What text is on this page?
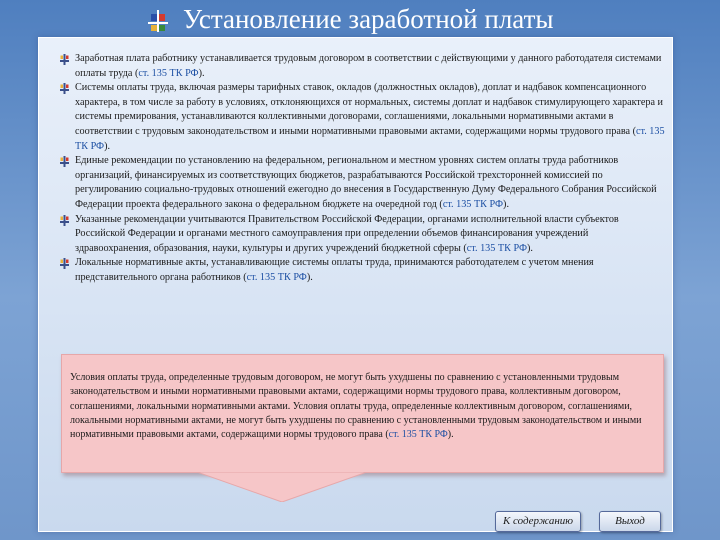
Установление заработной платы
Заработная плата работнику устанавливается трудовым договором в соответствии с действующими у данного работодателя системами оплаты труда (ст. 135 ТК РФ).
Системы оплаты труда, включая размеры тарифных ставок, окладов (должностных окладов), доплат и надбавок компенсационного характера, в том числе за работу в условиях, отклоняющихся от нормальных, системы доплат и надбавок стимулирующего характера и системы премирования, устанавливаются коллективными договорами, соглашениями, локальными нормативными актами в соответствии с трудовым законодательством и иными нормативными правовыми актами, содержащими нормы трудового права (ст. 135 ТК РФ).
Единые рекомендации по установлению на федеральном, региональном и местном уровнях систем оплаты труда работников организаций, финансируемых из соответствующих бюджетов, разрабатываются Российской трехсторонней комиссией по регулированию социально-трудовых отношений ежегодно до внесения в Государственную Думу Федерального Собрания Российской Федерации проекта федерального закона о федеральном бюджете на очередной год (ст. 135 ТК РФ).
Указанные рекомендации учитываются Правительством Российской Федерации, органами исполнительной власти субъектов Российской Федерации и органами местного самоуправления при определении объемов финансирования учреждений здравоохранения, образования, науки, культуры и других учреждений бюджетной сферы (ст. 135 ТК РФ).
Локальные нормативные акты, устанавливающие системы оплаты труда, принимаются работодателем с учетом мнения представительного органа работников (ст. 135 ТК РФ).
Условия оплаты труда, определенные трудовым договором, не могут быть ухудшены по сравнению с установленными трудовым законодательством и иными нормативными правовыми актами, содержащими нормы трудового права, коллективным договором, соглашениями, локальными нормативными актами. Условия оплаты труда, определенные коллективным договором, соглашениями, локальными нормативными актами, не могут быть ухудшены по сравнению с установленными трудовым законодательством и иными нормативными правовыми актами, содержащими нормы трудового права (ст. 135 ТК РФ).
К содержанию	Выход
